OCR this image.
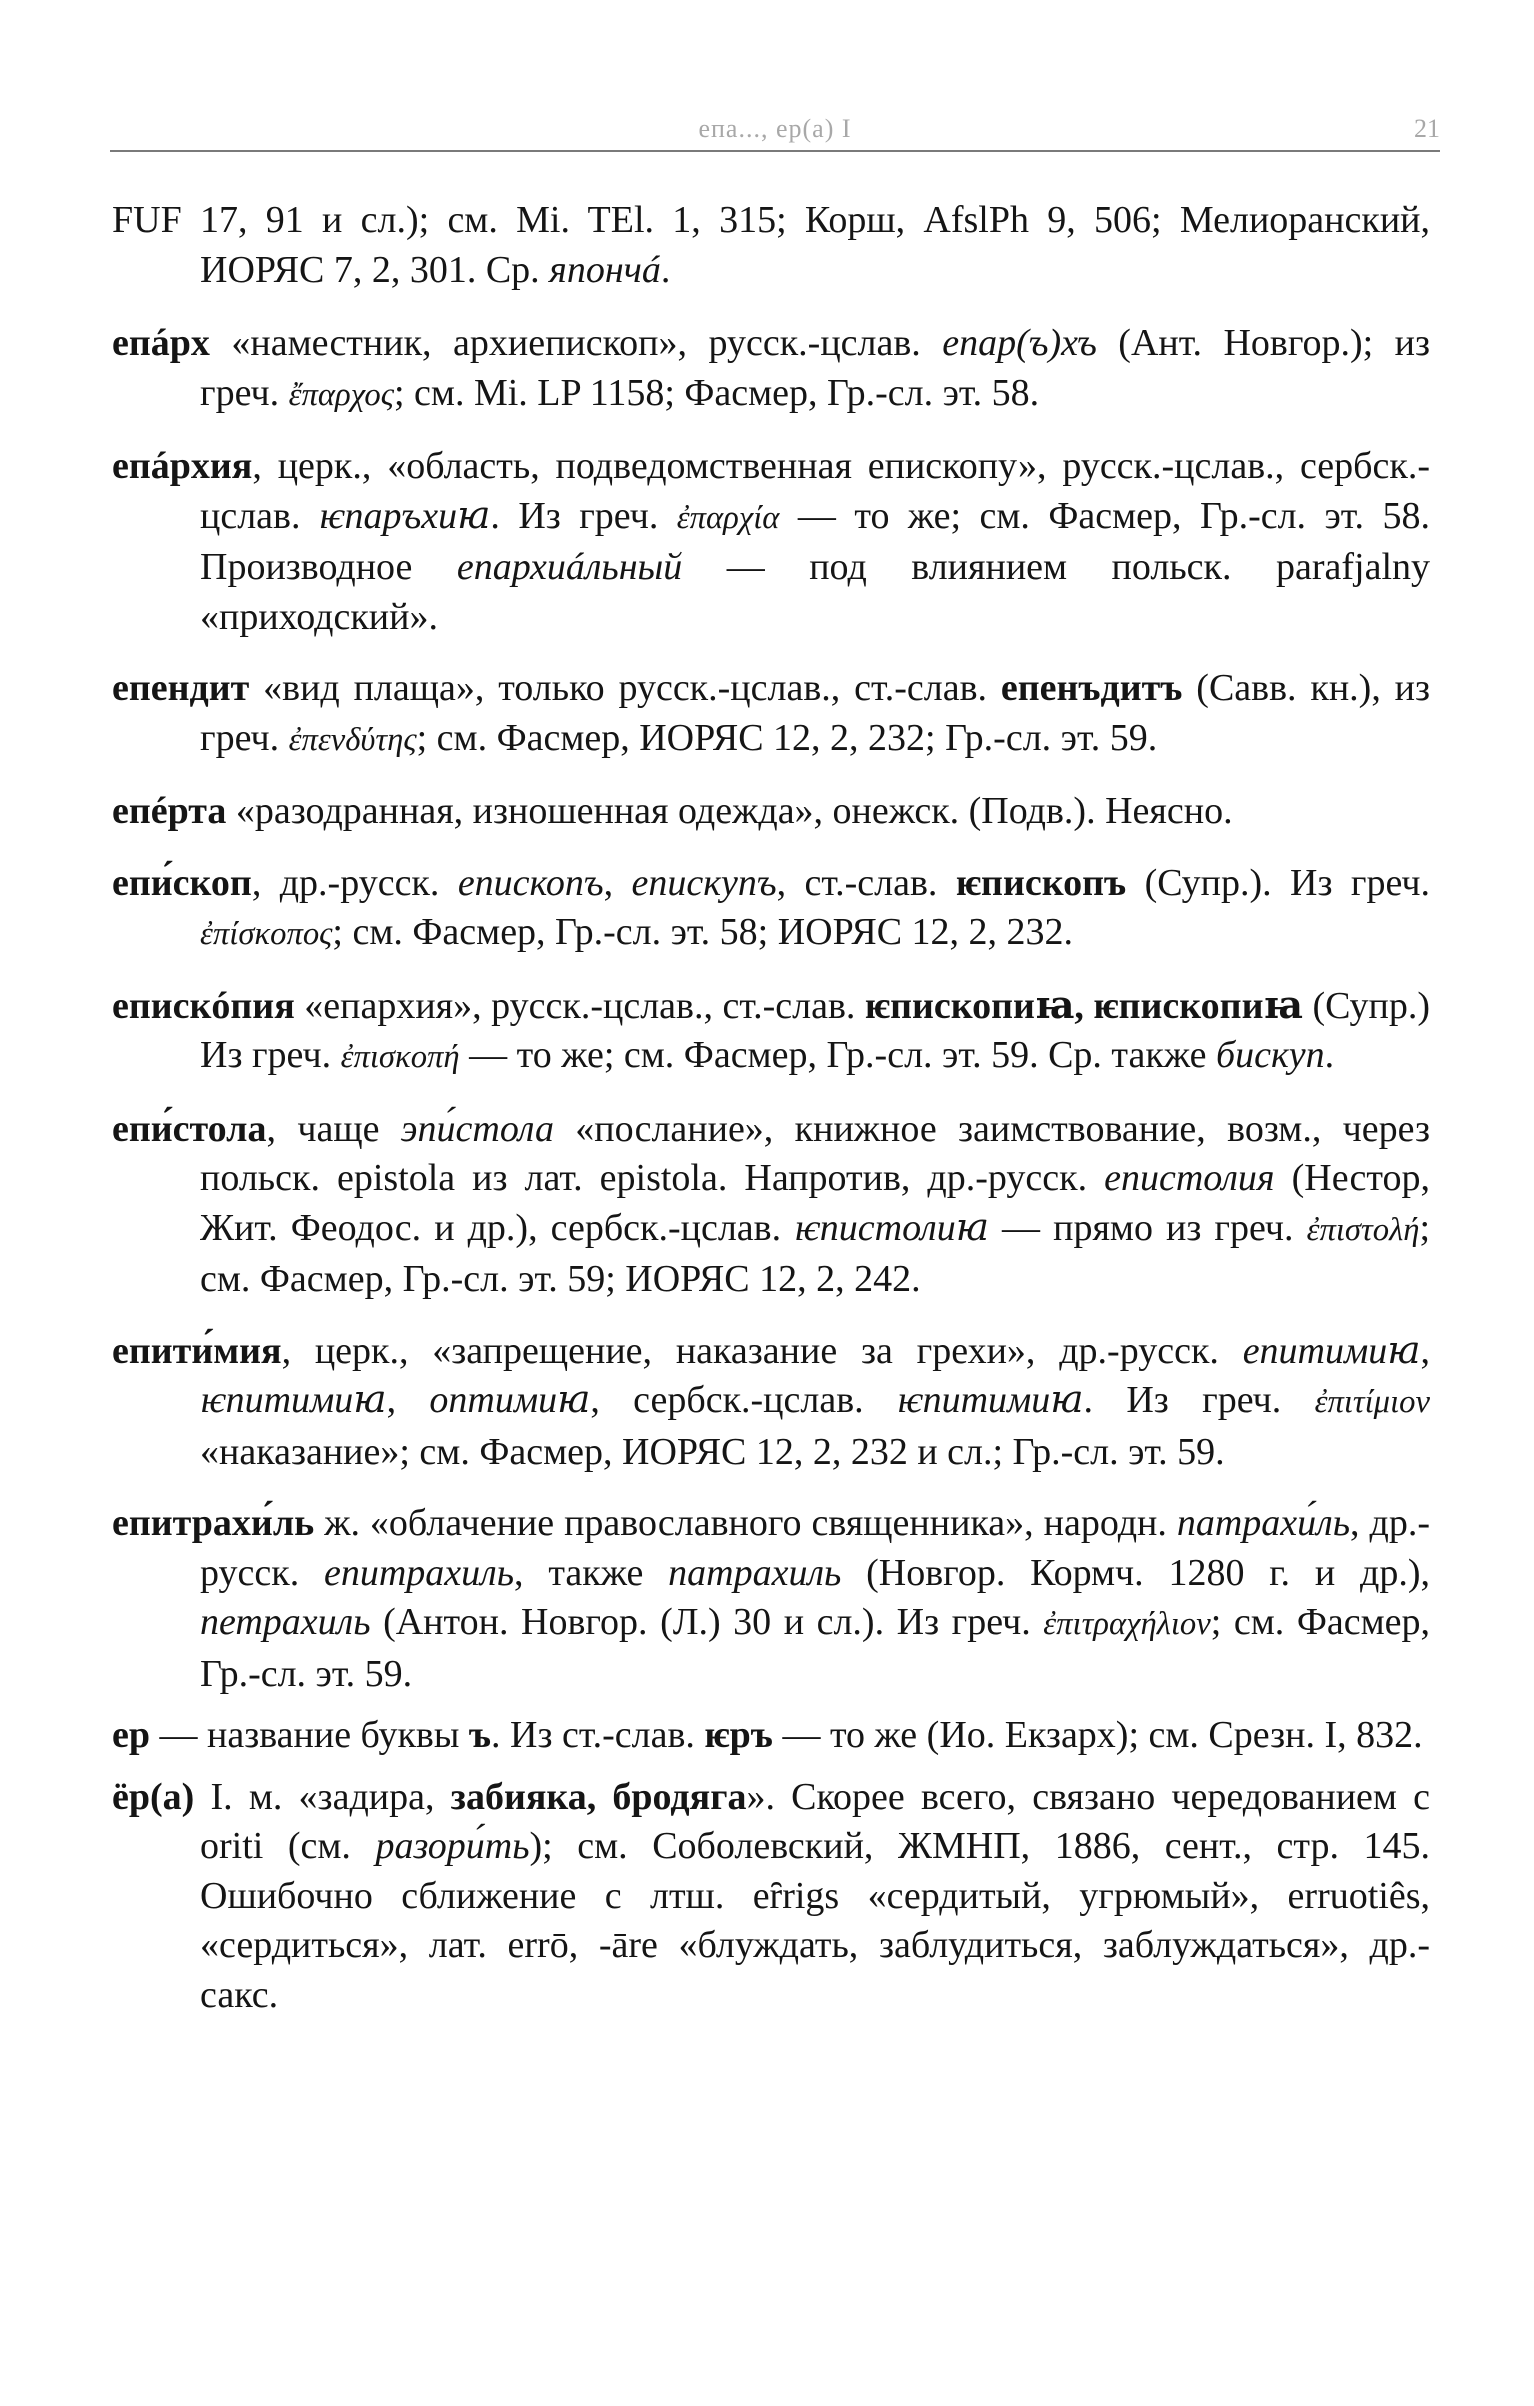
епа..., ер(а) I	21

FUF 17, 91 и сл.); см. Mi. TEl. 1, 315; Корш, AfslPh 9, 506; Мелиоранский, ИОРЯС 7, 2, 301. Ср. япончá.

епáрх «наместник, архиепископ», русск.-цслав. епар(ъ)хъ (Ант. Новгор.); из греч. ἔπαρχος; см. Mi. LP 1158; Фасмер, Гр.-сл. эт. 58.

епáрхия, церк., «область, подведомственная епископу», русск.-цслав., сербск.-цслав. ѥпаръхиꙗ. Из греч. ἐπαρχία — то же; см. Фасмер, Гр.-сл. эт. 58. Производное епархиáльный — под влиянием польск. parafjalny «приходский».

епендит «вид плаща», только русск.-цслав., ст.-слав. епенъдитъ (Савв. кн.), из греч. ἐπενδύτης; см. Фасмер, ИОРЯС 12, 2, 232; Гр.-сл. эт. 59.

епéрта «разодранная, изношенная одежда», онежск. (Подв.). Неясно.

епи́скоп, др.-русск. епископъ, епискупъ, ст.-слав. ѥпископъ (Супр.). Из греч. ἐπίσκοπος; см. Фасмер, Гр.-сл. эт. 58; ИОРЯС 12, 2, 232.

епискóпия «епархия», русск.-цслав., ст.-слав. ѥпископиꙗ, ѥпископиꙗ (Супр.) Из греч. ἐπισκοπή — то же; см. Фасмер, Гр.-сл. эт. 59. Ср. также бискуп.

епи́стола, чаще эпи́стола «послание», книжное заимствование, возм., через польск. epistola из лат. epistola. Напротив, др.-русск. епистолия (Нестор, Жит. Феодос. и др.), сербск.-цслав. ѥпистолиꙗ — прямо из греч. ἐπιστολή; см. Фасмер, Гр.-сл. эт. 59; ИОРЯС 12, 2, 242.

епити́мия, церк., «запрещение, наказание за грехи», др.-русск. епитимиꙗ, ѥпитимиꙗ, оптимиꙗ, сербск.-цслав. ѥпитимиꙗ. Из греч. ἐπιτίμιον «наказание»; см. Фасмер, ИОРЯС 12, 2, 232 и сл.; Гр.-сл. эт. 59.

епитрахи́ль ж. «облачение православного священника», народн. патрахи́ль, др.-русск. епитрахиль, также патрахиль (Новгор. Кормч. 1280 г. и др.), петрахиль (Антон. Новгор. (Л.) 30 и сл.). Из греч. ἐπιτραχήλιον; см. Фасмер, Гр.-сл. эт. 59.

ер — название буквы ъ. Из ст.-слав. ѥръ — то же (Ио. Екзарх); см. Срезн. I, 832.

ёр(а) I. м. «задира, забияка, бродяга». Скорее всего, связано чередованием с oriti (см. разори́ть); см. Соболевский, ЖМНП, 1886, сент., стр. 145. Ошибочно сближение с лтш. eȓrigs «сердитый, угрюмый», erruotiês, «сердиться», лат. errō, -āre «блуждать, заблудиться, заблуждаться», др.-сакс.
